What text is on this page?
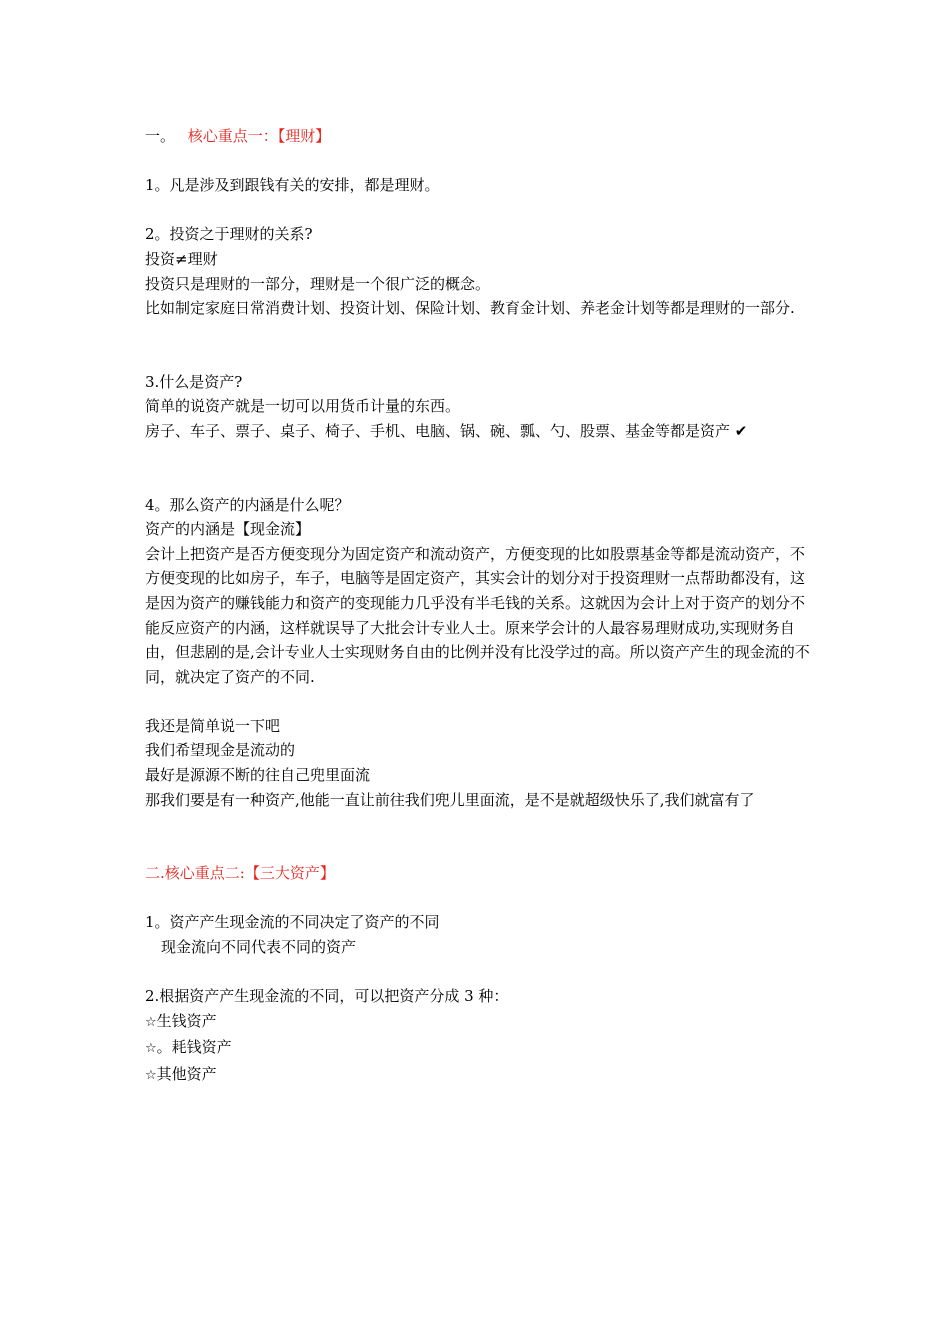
一。 核心重点一：【理财】

1。凡是涉及到跟钱有关的安排，都是理财。

2。投资之于理财的关系?

投资≠理财

投资只是理财的一部分，理财是一个很广泛的概念。

比如制定家庭日常消费计划、投资计划、保险计划、教育金计划、养老金计划等都是理财的一部分.

3.什么是资产?

简单的说资产就是一切可以用货币计量的东西。

房子、车子、票子、桌子、椅子、手机、电脑、锅、碗、瓢、勺、股票、基金等都是资产 ✔

4。那么资产的内涵是什么呢？

资产的内涵是【现金流】

会计上把资产是否方便变现分为固定资产和流动资产，方便变现的比如股票基金等都是流动资产，不方便变现的比如房子，车子，电脑等是固定资产，其实会计的划分对于投资理财一点帮助都没有，这是因为资产的赚钱能力和资产的变现能力几乎没有半毛钱的关系。这就因为会计上对于资产的划分不能反应资产的内涵，这样就误导了大批会计专业人士。原来学会计的人最容易理财成功,实现财务自由，但悲剧的是,会计专业人士实现财务自由的比例并没有比没学过的高。所以资产产生的现金流的不同，就决定了资产的不同.

我还是简单说一下吧

我们希望现金是流动的

最好是源源不断的往自己兜里面流

那我们要是有一种资产,他能一直让前往我们兜儿里面流，是不是就超级快乐了,我们就富有了

二.核心重点二:【三大资产】

1。资产产生现金流的不同决定了资产的不同

现金流向不同代表不同的资产

2.根据资产产生现金流的不同，可以把资产分成 3 种：

☆生钱资产

☆。耗钱资产

☆其他资产
